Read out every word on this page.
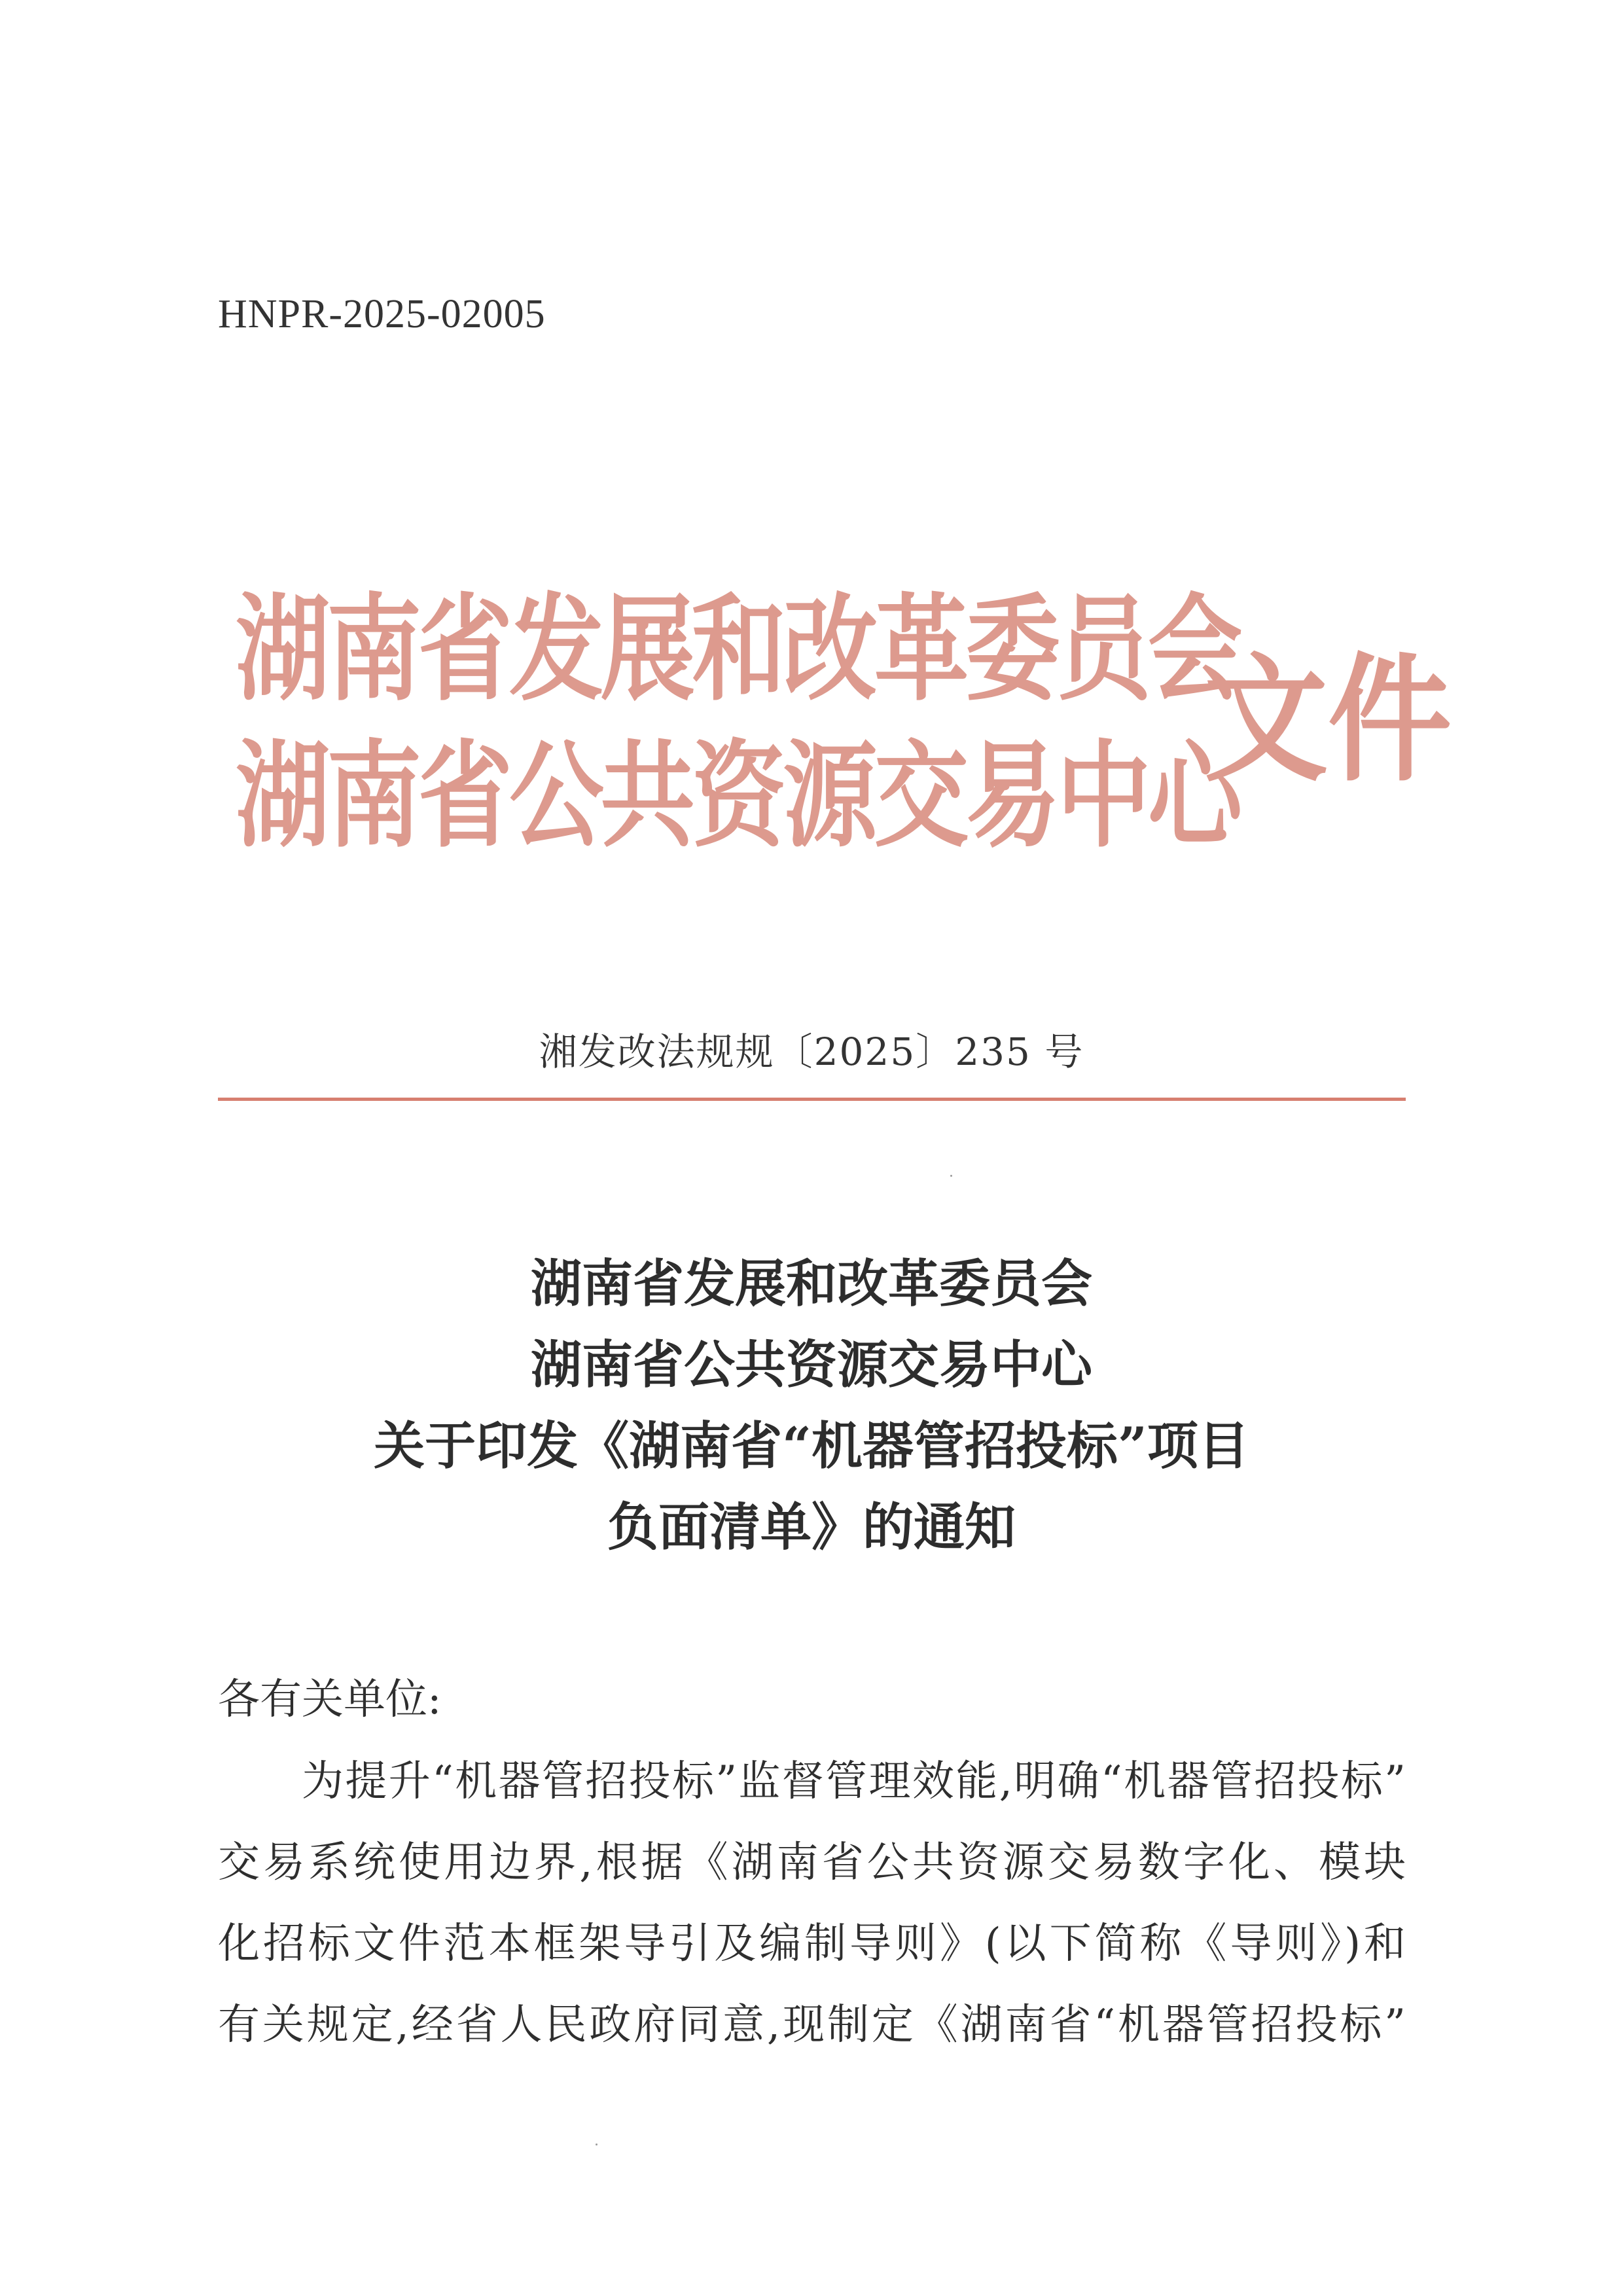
HNPR-2025-02005
湖南省发展和改革委员会
湖南省公共资源交易中心
文件
湘发改法规规〔2025〕235 号
湖南省发展和改革委员会
湖南省公共资源交易中心
关于印发《湖南省“机器管招投标”项目
负面清单》的通知
各有关单位:
为提升“机器管招投标”监督管理效能,明确“机器管招投标”
交易系统使用边界,根据《湖南省公共资源交易数字化、模块
化招标文件范本框架导引及编制导则》(以下简称《导则》)和
有关规定,经省人民政府同意,现制定《湖南省“机器管招投标”
